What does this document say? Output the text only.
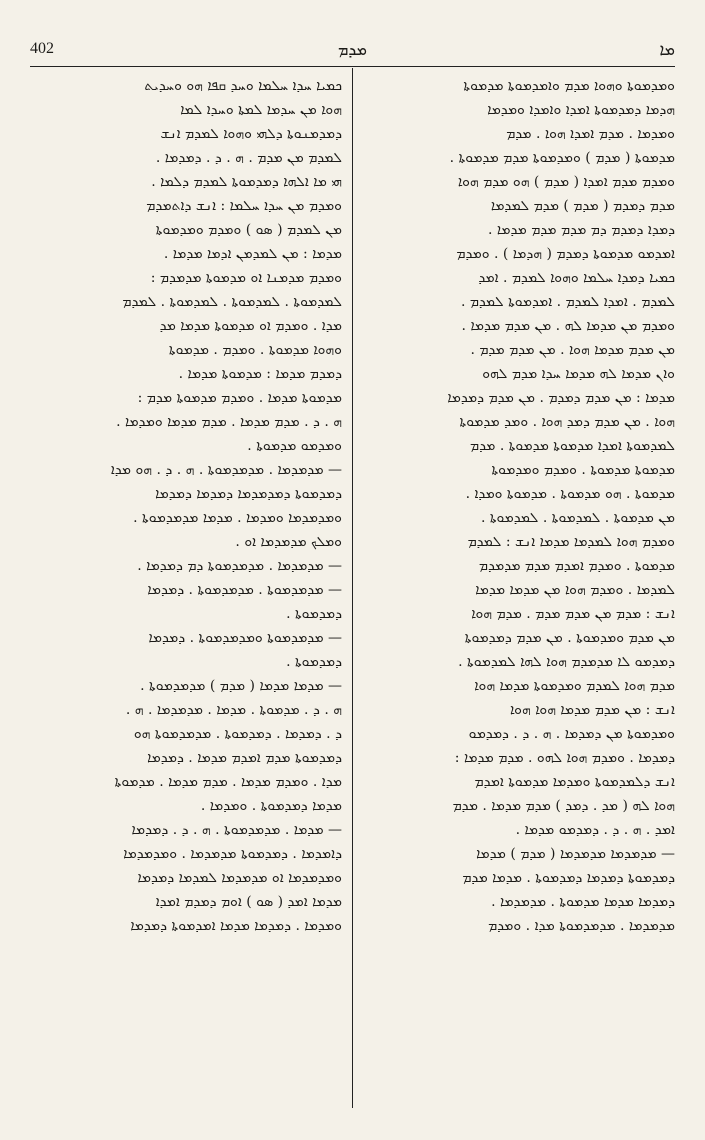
402	ܡܕܡ	ܡܐ
ܟܡܝܐ ܚܕܐ ܚܠܡܐ ܘܚܕ ܩܦܐ ܗܘ ܘܚܕܝܬ
ܗܘܐ ܡܢ ܚܕܡܐ ܠܡܬܐ ܘܚܕܐ ܠܡܐ
ܕܡܕܡܢܘܬܐ ܕܠܗܝ ܘܗܘܐ ܠܡܕܡ ܐܢܫ
ܠܡܕܡ ܡܢ ܡܕܡ . ܗ . ܕ . ܕܡܕܡܐ .
ܗܝ ܡܐ ܐܠܗܐ ܕܡܕܡܘܬܐ ܠܡܕܡ ܕܠܡܐ .
ܘܡܕܡ ܡܢ ܚܕܐ ܚܠܡܐ : ܐܢܫ ܕܐܬܡܕܡ
ܡܢ ܠܡܕܡ ( ܣܘ ) ܘܡܕܡ ܘܡܕܡܘܬܐ
ܡܕܡܐ : ܡܢ ܠܡܕܡܢ ܐܕܡܐ ܡܕܡܐ .
ܘܡܕܡ ܡܕܡܢܐ ܐܘ ܡܕܡܘܬܐ ܡܕܡܕܡ :
ܠܡܕܡܘܬܐ . ܠܡܕܡܘܬܐ . ܠܡܕܡܘܬܐ . ܠܡܕܡ
ܡܕܐ . ܘܡܕܡ ܐܘ ܡܕܡܘܬܐ ܡܕܡܐ ܡܕ
ܘܗܘܐ ܡܕܡܘܬܐ . ܘܡܕܡ . ܡܕܡܘܬܐ
ܕܡܕܡ ܡܕܡܐ : ܡܕܡܘܬܐ ܡܕܡܐ .
ܡܕܡܘܬܐ ܡܕܡܐ . ܘܡܕܡ ܡܕܡܘܬܐ ܡܕܡ :
ܗ . ܕ . ܡܕܡ ܡܕܡܐ . ܡܕܡ ܡܕܡܐ ܘܡܕܡܐ .
ܘܡܕܡܘ ܡܕܡܘܬܐ .
— ܡܕܡܕܡܐ . ܡܕܡܕܡܘܬܐ . ܗ . ܕ . ܗܘ ܡܕܐ
ܕܡܕܡܘܬܐ ܕܡܕܡܕܡܐ ܕܡܕܡܐ ܕܡܕܡܐ
ܘܡܕܡܕܡܐ ܘܡܕܡܐ . ܡܕܡܐ ܡܕܡܕܡܘܬܐ .
ܘܡܠܟ ܡܕܡܕܡܐ ܐܘ .
— ܡܕܡܕܡܐ . ܡܕܡܕܡܘܬܐ ܕܡ ܕܡܕܡܐ .
— ܡܕܡܕܡܘܬܐ . ܡܕܡܕܡܘܬܐ . ܕܡܕܡܐ
ܕܡܕܡܘܬܐ .
— ܡܕܡܕܡܘܬܐ ܘܡܕܡܕܡܘܬܐ . ܕܡܕܡܐ
ܕܡܕܡܘܬܐ .
— ܡܕܡܐ ܡܕܡܐ ( ܡܕܡ ) ܡܕܡܕܡܘܬܐ .
ܗ . ܕ . ܡܕܡܘܬܐ . ܡܕܡܐ . ܡܕܡܕܡܐ . ܗ .
ܕ . ܕܡܕܡܐ . ܕܡܕܡܘܬܐ . ܡܕܡܕܡܘܬܐ ܗܘ
ܕܡܕܡܘܬܐ ܡܕܡ ܐܡܕܡ ܡܕܡܐ . ܕܡܕܡܐ
ܡܕܐ . ܘܡܕܡ ܡܕܡܐ . ܡܕܡ ܡܕܡܐ . ܡܕܡܘܬܐ
ܡܕܡܐ ܕܡܕܡܘܬܐ . ܘܡܕܡܐ .
— ܡܕܡܐ . ܡܕܡܕܡܘܬܐ . ܗ . ܕ . ܕܡܕܡܐ
ܕܐܡܕܡܐ . ܕܡܕܡܘܬܐ ܡܕܡܕܡܐ . ܘܡܕܡܕܡܐ
ܘܡܕܡܕܡܐ ܐܘ ܡܕܡܕܡܐ ܠܡܕܡܐ ܕܡܕܡܐ
ܡܕܡܐ ܐܡܕ ( ܣܘ ) ܐܘܡ ܕܡܕܡ ܐܡܕܐ
ܘܡܕܡܐ . ܕܡܕܡܐ ܡܕܡܐ ܐܡܕܡܘܬܐ ܕܡܕܡܐ
ܘܡܕܡܘܬܐ ܘܗܘܐ ܡܕܡ ܘܐܡܕܡܘܬܐ ܡܕܡܘܬܐ
ܗܕܡܐ ܕܡܕܡܘܬܐ ܐܡܕܐ ܘܐܡܕܐ ܘܡܕܡܐ
ܘܡܕܡܐ . ܡܕܡ ܐܡܕܐ ܗܘܐ . ܡܕܡ
ܡܕܡܘܬܐ ( ܡܕܡ ) ܘܡܕܡܘܬܐ ܡܕܡ ܡܕܡܘܬܐ .
ܘܡܕܡ ܡܕܡ ܐܡܕܐ ( ܡܕܡ ) ܗܘ ܡܕܡ ܗܘܐ
ܡܕܡ ܕܡܕܡ ( ܡܕܡ ) ܡܕܡ ܠܡܕܡܐ
ܕܡܕܐ ܕܡܕܡ ܕܡ ܡܕܡ ܡܕܡ ܡܕܡܐ .
ܐܡܕܡܘ ܡܕܡܘܬܐ ܕܡܕܡ ( ܗܕܡܐ ) . ܘܡܕܡ
ܟܡܝܐ ܕܡܕܐ ܚܠܡܐ ܘܗܘܐ ܠܡܕܡ . ܐܡܕ
ܠܡܕܡ . ܐܡܕܐ ܠܡܕܡ . ܐܡܕܡܘܬܐ ܠܡܕܡ .
ܘܡܕܡ ܡܢ ܡܕܡܐ ܠܗ . ܡܢ ܡܕܡ ܡܕܡܐ .
ܡܢ ܡܕܡ ܡܕܡܐ ܗܘܐ . ܡܢ ܡܕܡ ܡܕܡ .
ܘܐܢ ܡܕܡܐ ܠܗ ܡܕܡܐ ܚܕܐ ܡܕܡ ܠܗܘ
ܡܕܡܐ : ܡܢ ܡܕܡ ܕܡܕܡ . ܡܢ ܡܕܡ ܕܡܕܡܐ
ܗܘܐ . ܡܢ ܡܕܡ ܕܡܕ ܗܘܐ . ܘܡܕ ܡܕܡܘܬܐ
ܠܡܕܡܘܬܐ ܐܡܕܐ ܡܕܡܘܬܐ ܡܕܡܘܬܐ . ܡܕܡ
ܡܕܡܘܬܐ ܡܕܡܘܬܐ . ܘܡܕܡ ܘܡܕܡܘܬܐ
ܡܕܡܘܬܐ . ܗܘ ܡܕܡܘܬܐ . ܡܕܡܘܬܐ ܘܡܕܐ .
ܡܢ ܡܕܡܘܬܐ . ܠܡܕܡܘܬܐ . ܠܡܕܡܘܬܐ .
ܘܡܕܡ ܗܘܐ ܠܡܕܡܐ ܡܕܡܐ ܐܢܫ : ܠܡܕܡ
ܡܕܡܘܬܐ . ܘܡܕܡ ܐܡܕܡ ܡܕܡ ܡܕܡܕܡ
ܠܡܕܡܐ . ܘܡܕܡ ܗܘܐ ܡܢ ܡܕܡܐ ܡܕܡܐ
ܐܢܫ : ܡܕܡ ܡܢ ܡܕܡ ܡܕܡ . ܡܕܡ ܗܘܐ
ܡܢ ܡܕܡ ܘܡܕܡܘܬܐ . ܡܢ ܡܕܡ ܕܡܕܡܘܬܐ
ܕܡܕܡܘ ܠܐ ܡܕܡܕܡ ܗܘܐ ܠܗܐ ܠܡܕܡܘܬܐ .
ܡܕܡ ܗܘܐ ܠܡܕܡ ܘܡܕܡܘܬܐ ܡܕܡܐ ܗܘܐ
ܐܢܫ : ܡܢ ܡܕܡ ܡܕܡܐ ܗܘܐ ܗܘܐ
ܘܡܕܡܘܬܐ ܡܢ ܕܡܕܡܐ . ܗ . ܕ . ܕܡܕܡܘ
ܕܡܕܡܐ . ܘܡܕܡ ܗܘܐ ܠܗܘ . ܡܕܡ ܡܕܡܐ :
ܐܢܫ ܕܠܡܕܡܘܬܐ ܘܡܕܡܐ ܡܕܡܘܬܐ ܐܡܕܡ
ܗܘܐ ܠܗ ( ܡܕ . ܕܡܕ ) ܡܕܡ ܡܕܡܐ . ܡܕܡ
ܐܡܕ . ܗ . ܕ . ܕܡܕܡܘ ܡܕܡܐ .
— ܡܕܡܕܡܐ ܡܕܡܕܡܐ ( ܡܕܡ ) ܡܕܡܐ
ܕܡܕܡܘܬܐ ܕܡܕܡܐ ܕܡܕܡܘܬܐ . ܡܕܡܐ ܡܕܡ
ܕܡܕܡܐ ܡܕܡܐ ܡܕܡܘܬܐ . ܡܕܡܕܡܐ .
ܡܕܡܕܡܐ . ܡܕܡܕܡܘܬܐ ܡܕܐ . ܘܡܕܡ
